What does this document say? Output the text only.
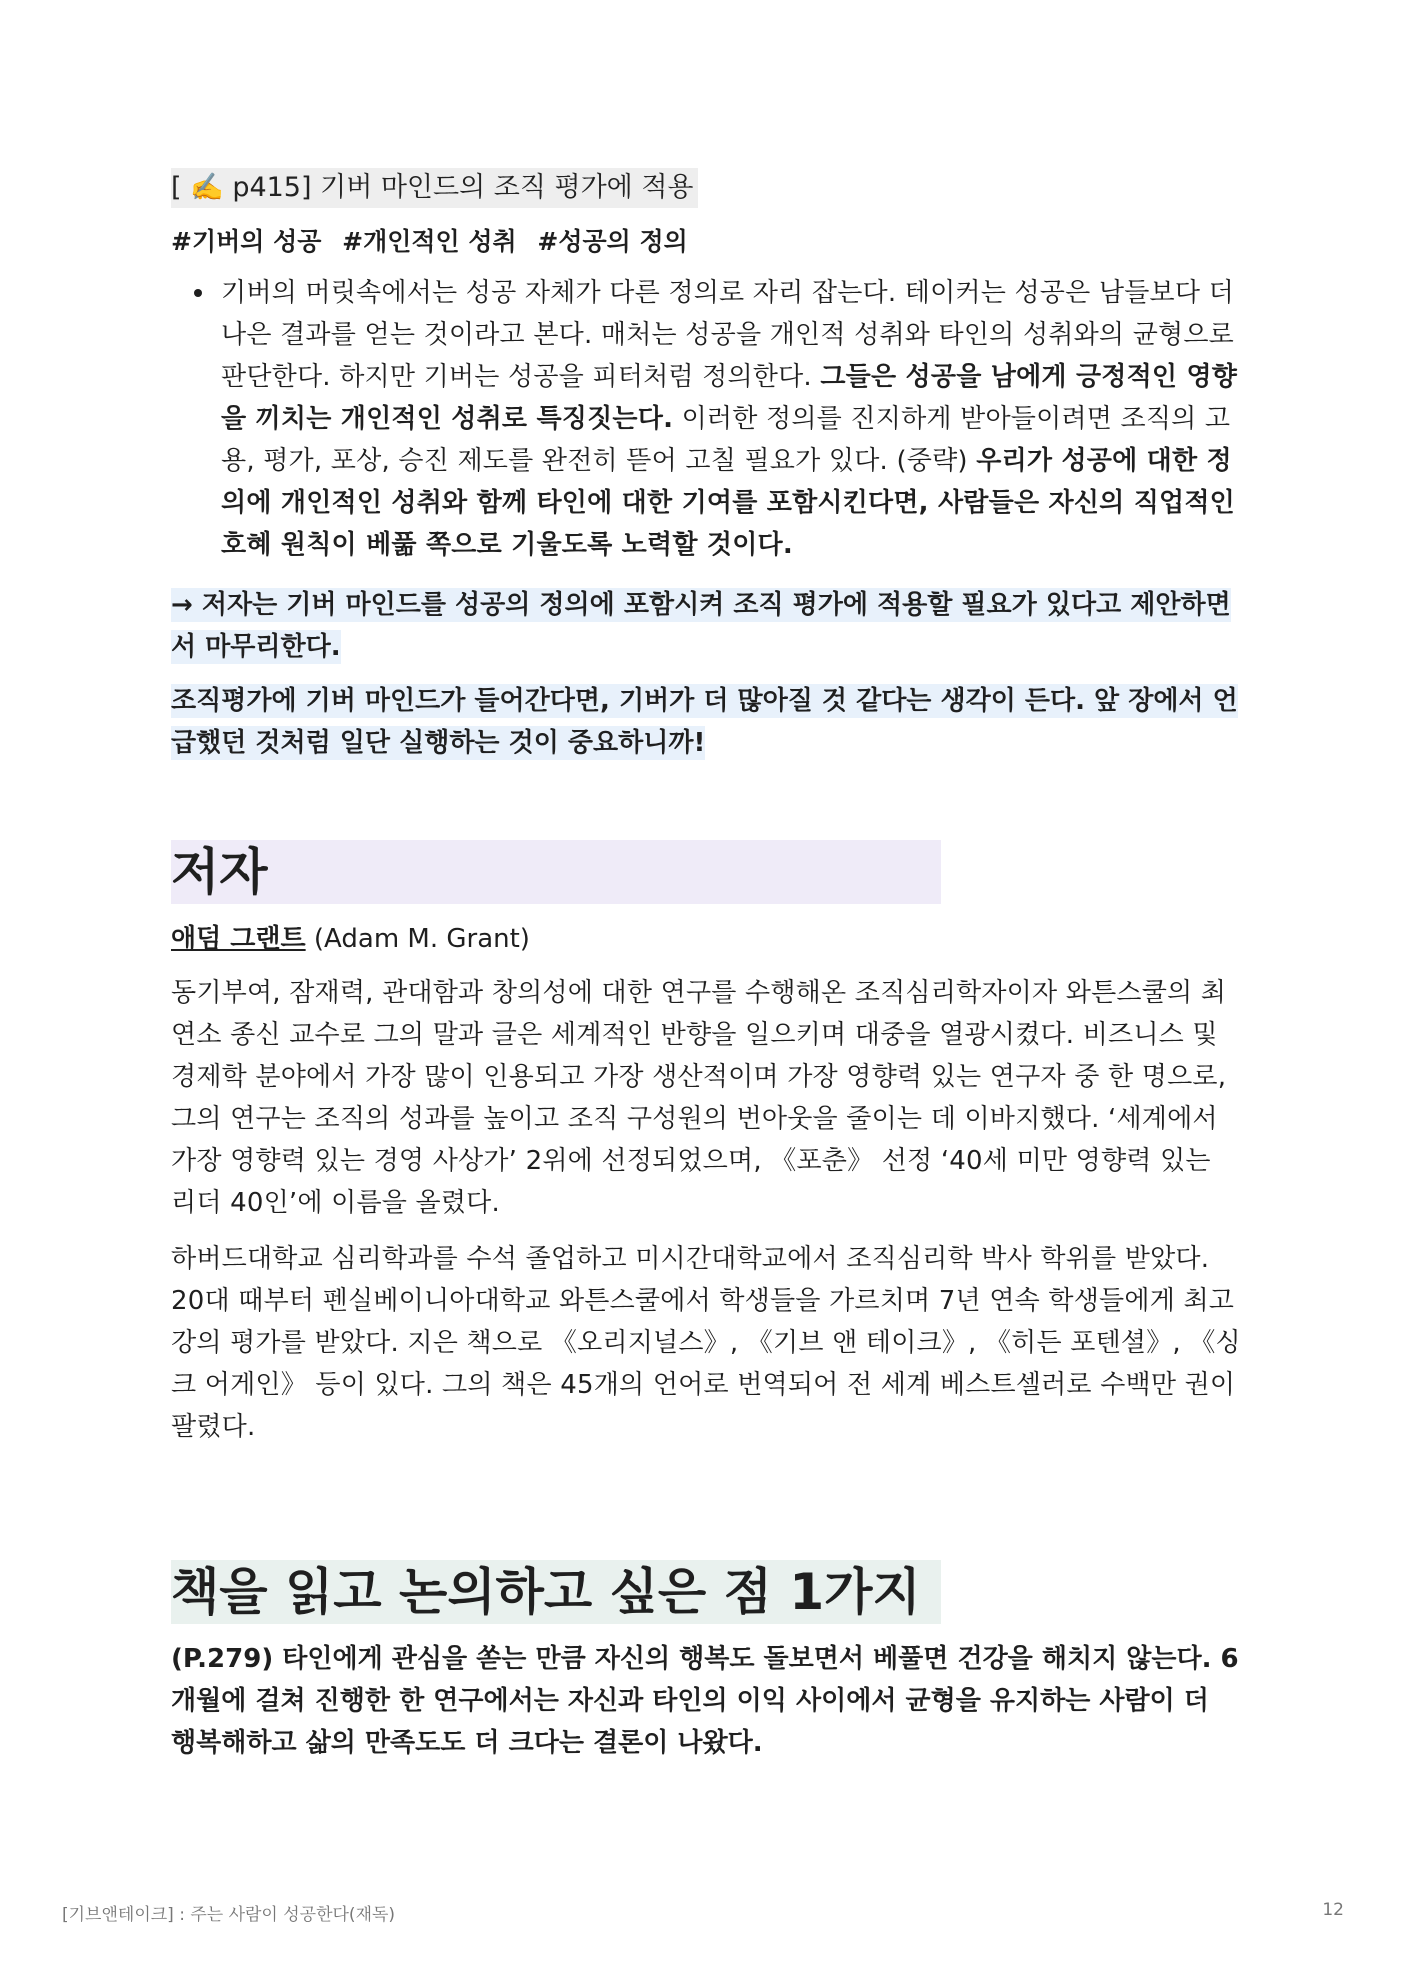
[ ✍️ p415] 기버 마인드의 조직 평가에 적용
#기버의 성공 #개인적인 성취 #성공의 정의
기버의 머릿속에서는 성공 자체가 다른 정의로 자리 잡는다. 테이커는 성공은 남들보다 더 나은 결과를 얻는 것이라고 본다. 매처는 성공을 개인적 성취와 타인의 성취와의 균형으로 판단한다. 하지만 기버는 성공을 피터처럼 정의한다. 그들은 성공을 남에게 긍정적인 영향을 끼치는 개인적인 성취로 특징짓는다. 이러한 정의를 진지하게 받아들이려면 조직의 고용, 평가, 포상, 승진 제도를 완전히 뜯어 고칠 필요가 있다. (중략) 우리가 성공에 대한 정의에 개인적인 성취와 함께 타인에 대한 기여를 포함시킨다면, 사람들은 자신의 직업적인 호혜 원칙이 베풂 쪽으로 기울도록 노력할 것이다.
→ 저자는 기버 마인드를 성공의 정의에 포함시켜 조직 평가에 적용할 필요가 있다고 제안하면서 마무리한다.
조직평가에 기버 마인드가 들어간다면, 기버가 더 많아질 것 같다는 생각이 든다. 앞 장에서 언급했던 것처럼 일단 실행하는 것이 중요하니까!
저자
애덤 그랜트 (Adam M. Grant)

동기부여, 잠재력, 관대함과 창의성에 대한 연구를 수행해온 조직심리학자이자 와튼스쿨의 최연소 종신 교수로 그의 말과 글은 세계적인 반향을 일으키며 대중을 열광시켰다. 비즈니스 및 경제학 분야에서 가장 많이 인용되고 가장 생산적이며 가장 영향력 있는 연구자 중 한 명으로, 그의 연구는 조직의 성과를 높이고 조직 구성원의 번아웃을 줄이는 데 이바지했다. ‘세계에서 가장 영향력 있는 경영 사상가’ 2위에 선정되었으며, 《포춘》 선정 ‘40세 미만 영향력 있는 리더 40인’에 이름을 올렸다.

하버드대학교 심리학과를 수석 졸업하고 미시간대학교에서 조직심리학 박사 학위를 받았다. 20대 때부터 펜실베이니아대학교 와튼스쿨에서 학생들을 가르치며 7년 연속 학생들에게 최고 강의 평가를 받았다. 지은 책으로 《오리지널스》, 《기브 앤 테이크》, 《히든 포텐셜》, 《싱크 어게인》 등이 있다. 그의 책은 45개의 언어로 번역되어 전 세계 베스트셀러로 수백만 권이 팔렸다.

책을 읽고 논의하고 싶은 점 1가지
(P.279) 타인에게 관심을 쏟는 만큼 자신의 행복도 돌보면서 베풀면 건강을 해치지 않는다. 6개월에 걸쳐 진행한 한 연구에서는 자신과 타인의 이익 사이에서 균형을 유지하는 사람이 더 행복해하고 삶의 만족도도 더 크다는 결론이 나왔다.
[기브앤테이크] : 주는 사람이 성공한다(재독)	12
